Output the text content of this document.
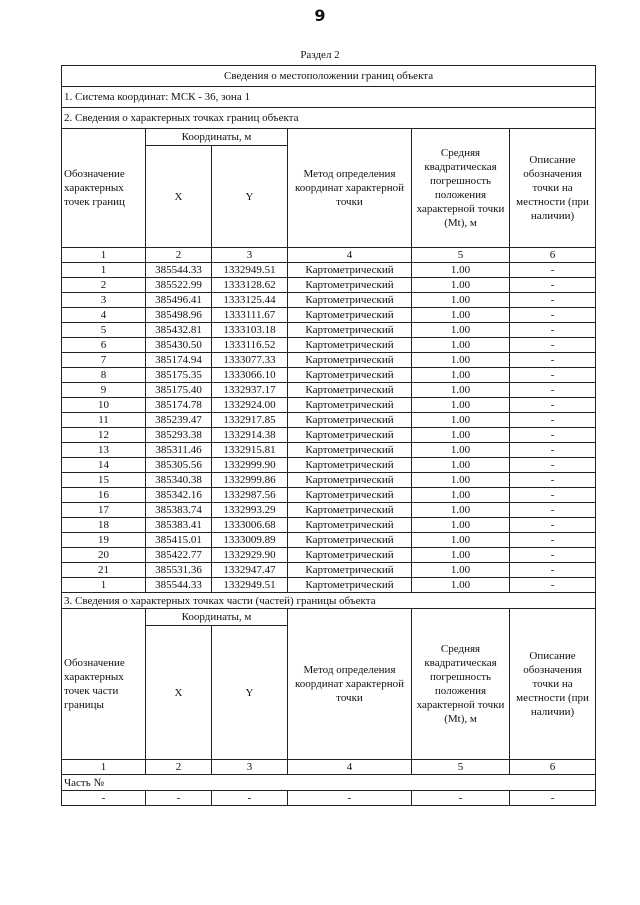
9
Раздел 2
Сведения о местоположении границ объекта					
1. Система координат: МСК - 36, зона 1					
2. Сведения о характерных точках границ объекта					
Обозначение характерных точек границ	Координаты, м		Метод определения координат характерной точки	Средняя квадратическая погрешность положения характерной точки (Mt), м	Описание обозначения точки на местности (при наличии)
	X	Y			
1	2	3	4	5	6
1	385544.33	1332949.51	Картометрический	1.00	-
2	385522.99	1333128.62	Картометрический	1.00	-
3	385496.41	1333125.44	Картометрический	1.00	-
4	385498.96	1333111.67	Картометрический	1.00	-
5	385432.81	1333103.18	Картометрический	1.00	-
6	385430.50	1333116.52	Картометрический	1.00	-
7	385174.94	1333077.33	Картометрический	1.00	-
8	385175.35	1333066.10	Картометрический	1.00	-
9	385175.40	1332937.17	Картометрический	1.00	-
10	385174.78	1332924.00	Картометрический	1.00	-
11	385239.47	1332917.85	Картометрический	1.00	-
12	385293.38	1332914.38	Картометрический	1.00	-
13	385311.46	1332915.81	Картометрический	1.00	-
14	385305.56	1332999.90	Картометрический	1.00	-
15	385340.38	1332999.86	Картометрический	1.00	-
16	385342.16	1332987.56	Картометрический	1.00	-
17	385383.74	1332993.29	Картометрический	1.00	-
18	385383.41	1333006.68	Картометрический	1.00	-
19	385415.01	1333009.89	Картометрический	1.00	-
20	385422.77	1332929.90	Картометрический	1.00	-
21	385531.36	1332947.47	Картометрический	1.00	-
1	385544.33	1332949.51	Картометрический	1.00	-
3. Сведения о характерных точках части (частей) границы объекта					
Обозначение характерных точек части границы	Координаты, м		Метод определения координат характерной точки	Средняя квадратическая погрешность положения характерной точки (Mt), м	Описание обозначения точки на местности (при наличии)
	X	Y			
1	2	3	4	5	6
Часть №					
-	-	-	-	-	-
